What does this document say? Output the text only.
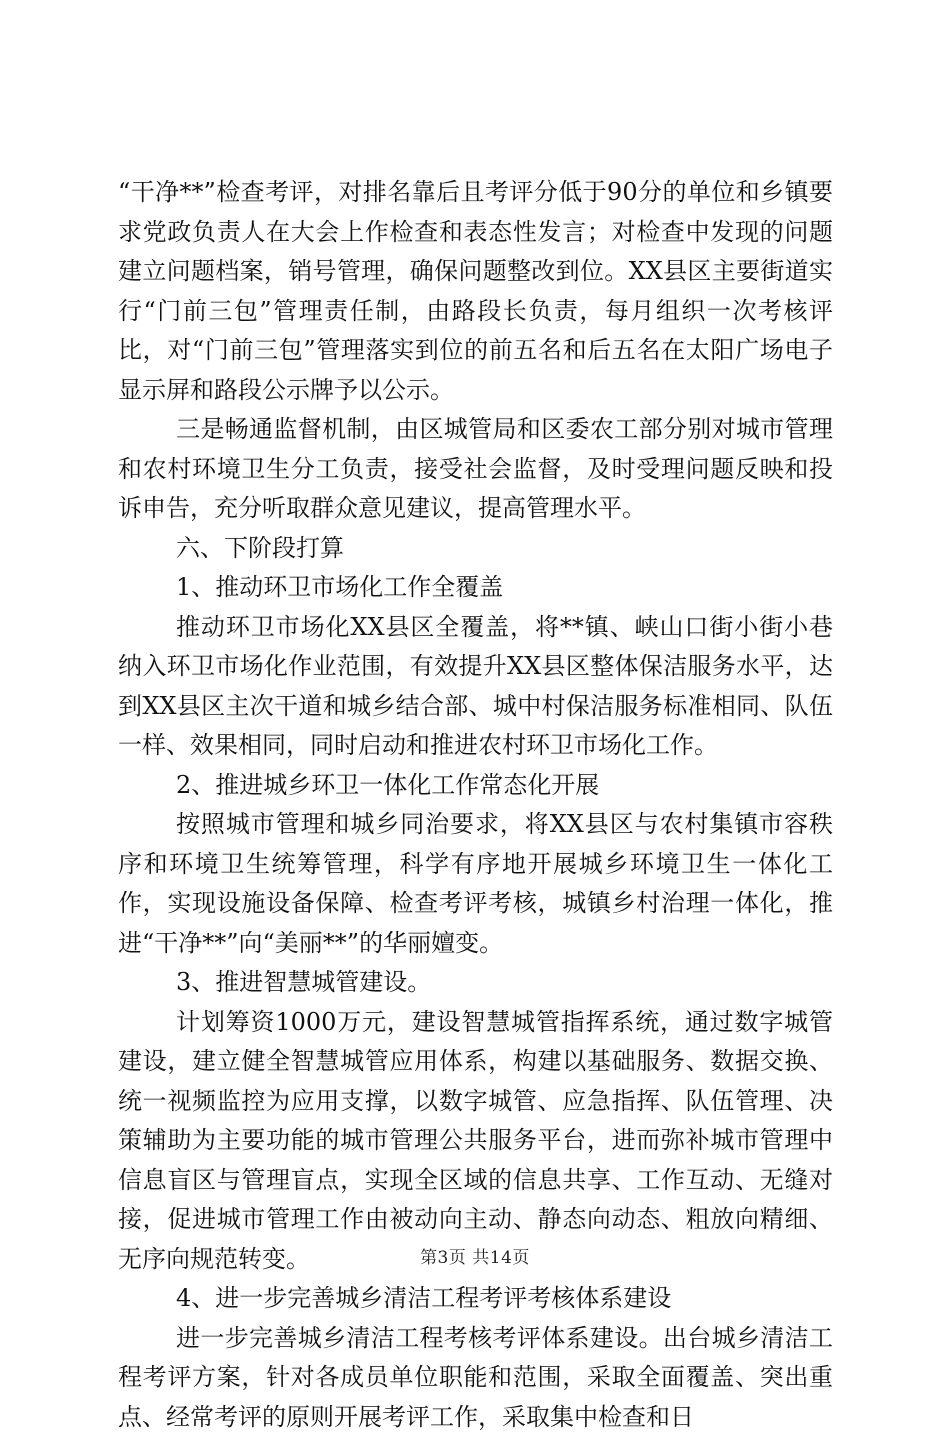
“干净**”检查考评，对排名靠后且考评分低于90分的单位和乡镇要求党政负责人在大会上作检查和表态性发言；对检查中发现的问题建立问题档案，销号管理，确保问题整改到位。XX县区主要街道实行“门前三包”管理责任制，由路段长负责，每月组织一次考核评比，对“门前三包”管理落实到位的前五名和后五名在太阳广场电子显示屏和路段公示牌予以公示。

三是畅通监督机制，由区城管局和区委农工部分别对城市管理和农村环境卫生分工负责，接受社会监督，及时受理问题反映和投诉申告，充分听取群众意见建议，提高管理水平。

六、下阶段打算

1、推动环卫市场化工作全覆盖

推动环卫市场化XX县区全覆盖，将**镇、峡山口街小街小巷纳入环卫市场化作业范围，有效提升XX县区整体保洁服务水平，达到XX县区主次干道和城乡结合部、城中村保洁服务标准相同、队伍一样、效果相同，同时启动和推进农村环卫市场化工作。

2、推进城乡环卫一体化工作常态化开展

按照城市管理和城乡同治要求，将XX县区与农村集镇市容秩序和环境卫生统筹管理，科学有序地开展城乡环境卫生一体化工作，实现设施设备保障、检查考评考核，城镇乡村治理一体化，推进“干净**”向“美丽**”的华丽嬗变。

3、推进智慧城管建设。

计划筹资1000万元，建设智慧城管指挥系统，通过数字城管建设，建立健全智慧城管应用体系，构建以基础服务、数据交换、统一视频监控为应用支撑，以数字城管、应急指挥、队伍管理、决策辅助为主要功能的城市管理公共服务平台，进而弥补城市管理中信息盲区与管理盲点，实现全区域的信息共享、工作互动、无缝对接，促进城市管理工作由被动向主动、静态向动态、粗放向精细、无序向规范转变。

4、进一步完善城乡清洁工程考评考核体系建设

进一步完善城乡清洁工程考核考评体系建设。出台城乡清洁工程考评方案，针对各成员单位职能和范围，采取全面覆盖、突出重点、经常考评的原则开展考评工作，采取集中检查和日

第3页 共14页
